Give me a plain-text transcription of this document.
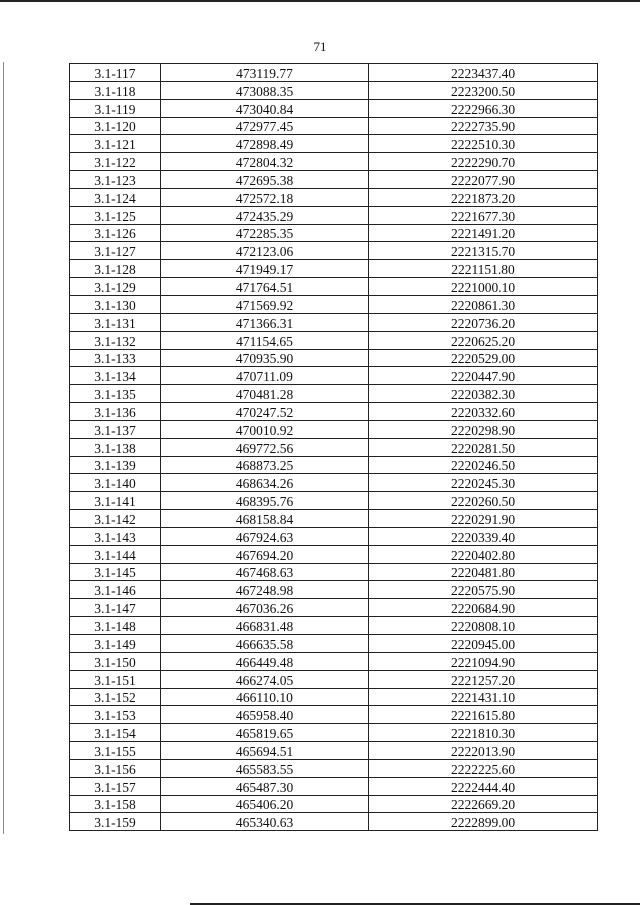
71
3.1-117	473119.77	2223437.40
3.1-118	473088.35	2223200.50
3.1-119	473040.84	2222966.30
3.1-120	472977.45	2222735.90
3.1-121	472898.49	2222510.30
3.1-122	472804.32	2222290.70
3.1-123	472695.38	2222077.90
3.1-124	472572.18	2221873.20
3.1-125	472435.29	2221677.30
3.1-126	472285.35	2221491.20
3.1-127	472123.06	2221315.70
3.1-128	471949.17	2221151.80
3.1-129	471764.51	2221000.10
3.1-130	471569.92	2220861.30
3.1-131	471366.31	2220736.20
3.1-132	471154.65	2220625.20
3.1-133	470935.90	2220529.00
3.1-134	470711.09	2220447.90
3.1-135	470481.28	2220382.30
3.1-136	470247.52	2220332.60
3.1-137	470010.92	2220298.90
3.1-138	469772.56	2220281.50
3.1-139	468873.25	2220246.50
3.1-140	468634.26	2220245.30
3.1-141	468395.76	2220260.50
3.1-142	468158.84	2220291.90
3.1-143	467924.63	2220339.40
3.1-144	467694.20	2220402.80
3.1-145	467468.63	2220481.80
3.1-146	467248.98	2220575.90
3.1-147	467036.26	2220684.90
3.1-148	466831.48	2220808.10
3.1-149	466635.58	2220945.00
3.1-150	466449.48	2221094.90
3.1-151	466274.05	2221257.20
3.1-152	466110.10	2221431.10
3.1-153	465958.40	2221615.80
3.1-154	465819.65	2221810.30
3.1-155	465694.51	2222013.90
3.1-156	465583.55	2222225.60
3.1-157	465487.30	2222444.40
3.1-158	465406.20	2222669.20
3.1-159	465340.63	2222899.00
